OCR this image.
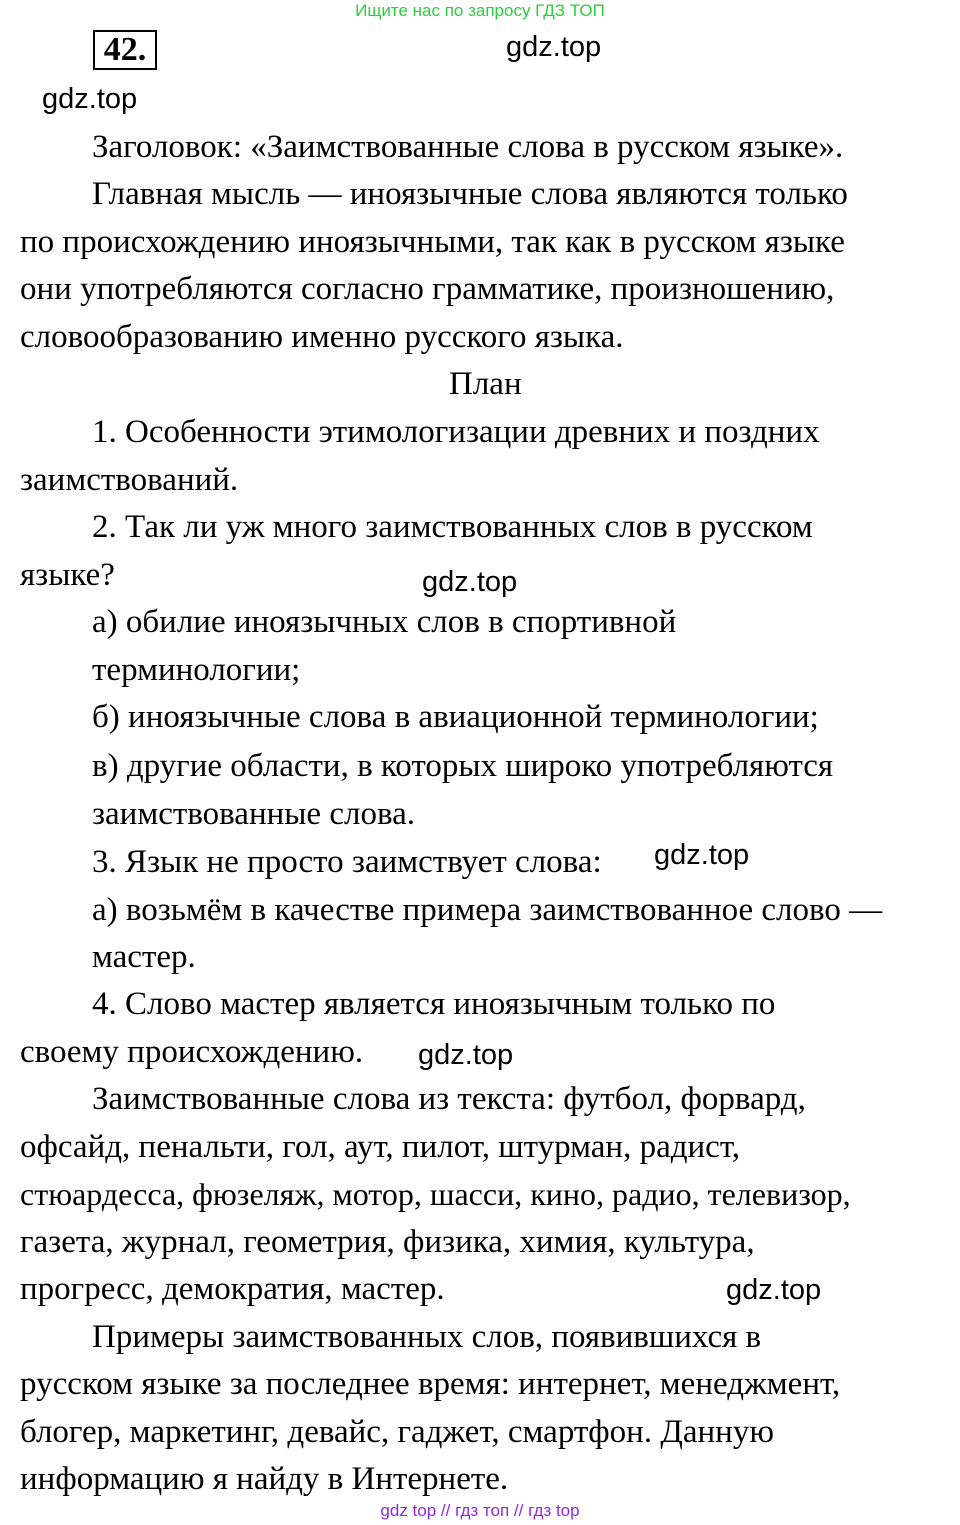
Ищите нас по запросу ГДЗ ТОП
42.	gdz.top
gdz.top
gdz.top
gdz.top
gdz.top
gdz.top
Заголовок: «Заимствованные слова в русском языке».
Главная мысль — иноязычные слова являются только
по происхождению иноязычными, так как в русском языке
они употребляются согласно грамматике, произношению,
словообразованию именно русского языка.
План
1. Особенности этимологизации древних и поздних
заимствований.
2. Так ли уж много заимствованных слов в русском
языке?
а) обилие иноязычных слов в спортивной
терминологии;
б) иноязычные слова в авиационной терминологии;
в) другие области, в которых широко употребляются
заимствованные слова.
3. Язык не просто заимствует слова:
а) возьмём в качестве примера заимствованное слово —
мастер.
4. Слово мастер является иноязычным только по
своему происхождению.
Заимствованные слова из текста: футбол, форвард,
офсайд, пенальти, гол, аут, пилот, штурман, радист,
стюардесса, фюзеляж, мотор, шасси, кино, радио, телевизор,
газета, журнал, геометрия, физика, химия, культура,
прогресс, демократия, мастер.
Примеры заимствованных слов, появившихся в
русском языке за последнее время: интернет, менеджмент,
блогер, маркетинг, девайс, гаджет, смартфон. Данную
информацию я найду в Интернете.
gdz top // гдз топ // гдз top
